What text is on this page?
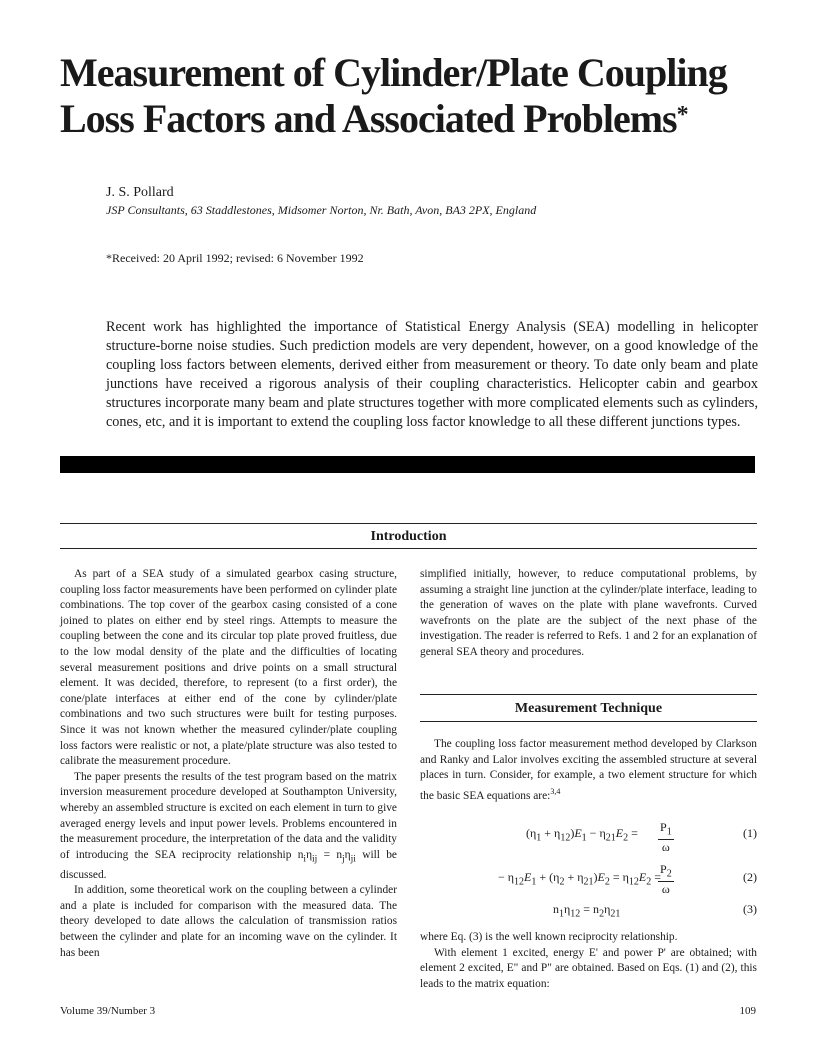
Measurement of Cylinder/Plate Coupling
Loss Factors and Associated Problems*
J. S. Pollard
JSP Consultants, 63 Staddlestones, Midsomer Norton, Nr. Bath, Avon, BA3 2PX, England
*Received: 20 April 1992; revised: 6 November 1992
Recent work has highlighted the importance of Statistical Energy Analysis (SEA) modelling in helicopter structure-borne noise studies. Such prediction models are very dependent, however, on a good knowledge of the coupling loss factors between elements, derived either from measurement or theory. To date only beam and plate junctions have received a rigorous analysis of their coupling characteristics. Helicopter cabin and gearbox structures incorporate many beam and plate structures together with more complicated elements such as cylinders, cones, etc, and it is important to extend the coupling loss factor knowledge to all these different junctions types.
Introduction

As part of a SEA study of a simulated gearbox casing structure, coupling loss factor measurements have been performed on cylinder plate combinations. The top cover of the gearbox casing consisted of a cone joined to plates on either end by steel rings. Attempts to measure the coupling between the cone and its circular top plate proved fruitless, due to the low modal density of the plate and the difficulties of locating several measurement positions and drive points on a small structural element. It was decided, therefore, to represent (to a first order), the cone/plate interfaces at either end of the cone by cylinder/plate combinations and two such structures were built for testing purposes. Since it was not known whether the measured cylinder/plate coupling loss factors were realistic or not, a plate/plate structure was also tested to calibrate the measurement procedure.

The paper presents the results of the test program based on the matrix inversion measurement procedure developed at Southampton University, whereby an assembled structure is excited on each element in turn to give averaged energy levels and input power levels. Problems encountered in the measurement procedure, the interpretation of the data and the validity of introducing the SEA reciprocity relationship $n_i\eta_{ij} = n_j\eta_{ji}$ will be discussed.

In addition, some theoretical work on the coupling between a cylinder and a plate is included for comparison with the measured data. The theory developed to date allows the calculation of transmission ratios between the cylinder and plate for an incoming wave on the cylinder. It has been

simplified initially, however, to reduce computational problems, by assuming a straight line junction at the cylinder/plate interface, leading to the generation of waves on the plate with plane wavefronts. Curved wavefronts on the plate are the subject of the next phase of the investigation. The reader is referred to Refs. 1 and 2 for an explanation of general SEA theory and procedures.

Measurement Technique

The coupling loss factor measurement method developed by Clarkson and Ranky and Lalor involves exciting the assembled structure at several places in turn. Consider, for example, a two element structure for which the basic SEA equations are:$^{3,4}$

$(\eta_1 + \eta_{12})E_1 - \eta_{21}E_2 = \frac{P_1}{\omega}$	(1)
− $\eta_{12}E_1 + (\eta_2 + \eta_{21})E_2 = \eta_{12}E_2$ =
$\frac{P_2}{\omega}$	(2)
$n_1\eta_{12} = n_2\eta_{21}$	(3)

where Eq. (3) is the well known reciprocity relationship.

With element 1 excited, energy E' and power P' are obtained; with element 2 excited, E" and P" are obtained. Based on Eqs. (1) and (2), this leads to the matrix equation:

Volume 39/Number 3	109
